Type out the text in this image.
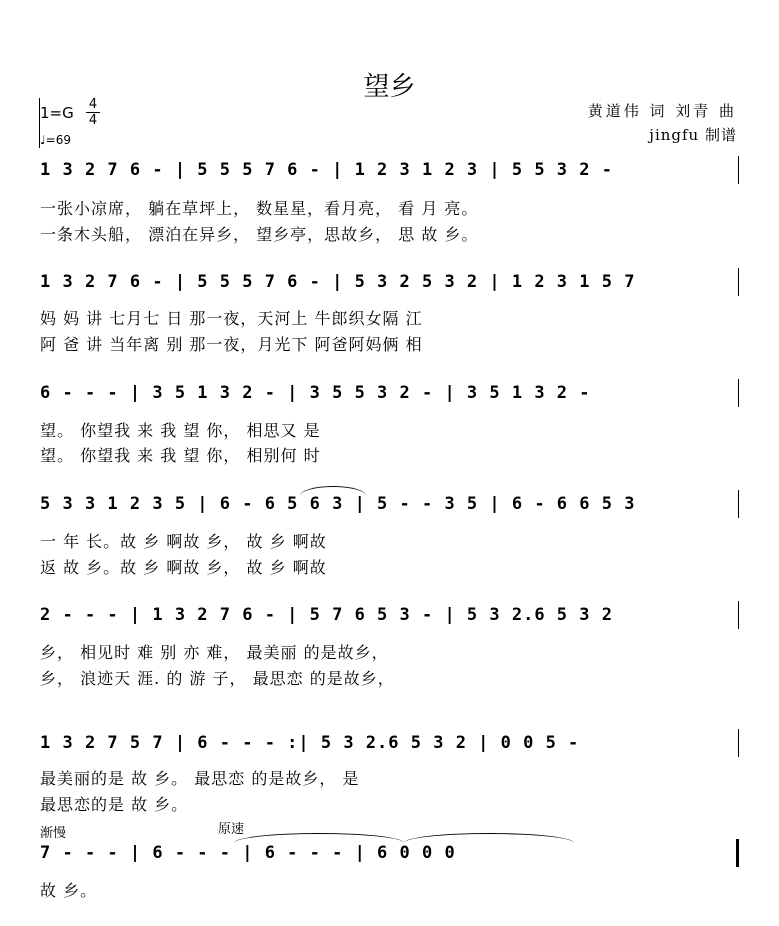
望乡
黄道伟 词 刘青 曲
jingfu 制谱
1=G 4
4
♩=69
1 3 2 7 6 - | 5 5 5 7 6 - | 1 2 3 1 2 3 | 5 5 3 2 -
一张小凉席， 躺在草坪上， 数星星，看月亮， 看 月 亮。
一条木头船， 漂泊在异乡， 望乡亭，思故乡， 思 故 乡。
1 3 2 7 6 - | 5 5 5 7 6 - | 5 3 2 5 3 2 | 1 2 3 1 5 7
妈 妈 讲 七月七 日 那一夜，天河上 牛郎织女隔 江
阿 爸 讲 当年离 别 那一夜，月光下 阿爸阿妈俩 相
6 - - - | 3 5 1 3 2 - | 3 5 5 3 2 - | 3 5 1 3 2 -
望。 你望我 来 我 望 你， 相思又 是
望。 你望我 来 我 望 你， 相别何 时
5 3 3 1 2 3 5 | 6 - 6 5 6 3 | 5 - - 3 5 | 6 - 6 6 5 3
一 年 长。故 乡 啊故 乡， 故 乡 啊故
返 故 乡。故 乡 啊故 乡， 故 乡 啊故
2 - - - | 1 3 2 7 6 - | 5 7 6 5 3 - | 5 3 2.6 5 3 2
乡， 相见时 难 别 亦 难， 最美丽 的是故乡，
乡， 浪迹天 涯. 的 游 子， 最思恋 的是故乡，
1 3 2 7 5 7 | 6 - - - :| 5 3 2.6 5 3 2 | 0 0 5 -
最美丽的是 故 乡。 最思恋 的是故乡， 是
最思恋的是 故 乡。
渐慢	原速
7 - - - | 6 - - - | 6 - - - | 6 0 0 0
故 乡。
